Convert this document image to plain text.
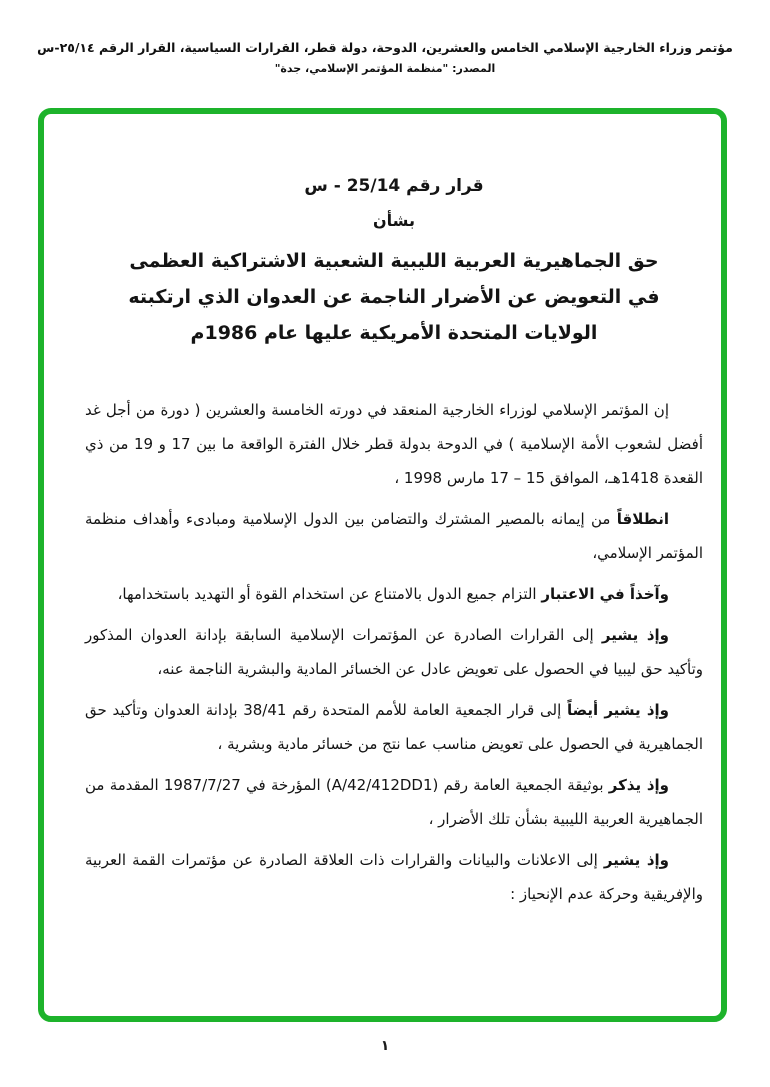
مؤتمر وزراء الخارجية الإسلامي الخامس والعشرين، الدوحة، دولة قطر، القرارات السياسية، القرار الرقم ٢٥/١٤-س
المصدر: "منظمة المؤتمر الإسلامي، جدة"
قرار رقم 25/14 - س
بشأن
حق الجماهيرية العربية الليبية الشعبية الاشتراكية العظمى
في التعويض عن الأضرار الناجمة عن العدوان الذي ارتكبته
الولايات المتحدة الأمريكية عليها عام 1986م

إن المؤتمر الإسلامي لوزراء الخارجية المنعقد في دورته الخامسة والعشرين ( دورة من أجل غد أفضل لشعوب الأمة الإسلامية ) في الدوحة بدولة قطر خلال الفترة الواقعة ما بين 17 و 19 من ذي القعدة 1418هـ، الموافق 15 – 17 مارس 1998 ،

انطلاقاً من إيمانه بالمصير المشترك والتضامن بين الدول الإسلامية ومبادىء وأهداف منظمة المؤتمر الإسلامي،

وآخذاً في الاعتبار التزام جميع الدول بالامتناع عن استخدام القوة أو التهديد باستخدامها،

وإذ يشير إلى القرارات الصادرة عن المؤتمرات الإسلامية السابقة بإدانة العدوان المذكور وتأكيد حق ليبيا في الحصول على تعويض عادل عن الخسائر المادية والبشرية الناجمة عنه،

وإذ يشير أيضاً إلى قرار الجمعية العامة للأمم المتحدة رقم 38/41 بإدانة العدوان وتأكيد حق الجماهيرية في الحصول على تعويض مناسب عما نتج من خسائر مادية وبشرية ،

وإذ يذكر بوثيقة الجمعية العامة رقم (A/42/412DD1) المؤرخة في 1987/7/27 المقدمة من الجماهيرية العربية الليبية بشأن تلك الأضرار ،

وإذ يشير إلى الاعلانات والبيانات والقرارات ذات العلاقة الصادرة عن مؤتمرات القمة العربية والإفريقية وحركة عدم الإنحياز :

١
